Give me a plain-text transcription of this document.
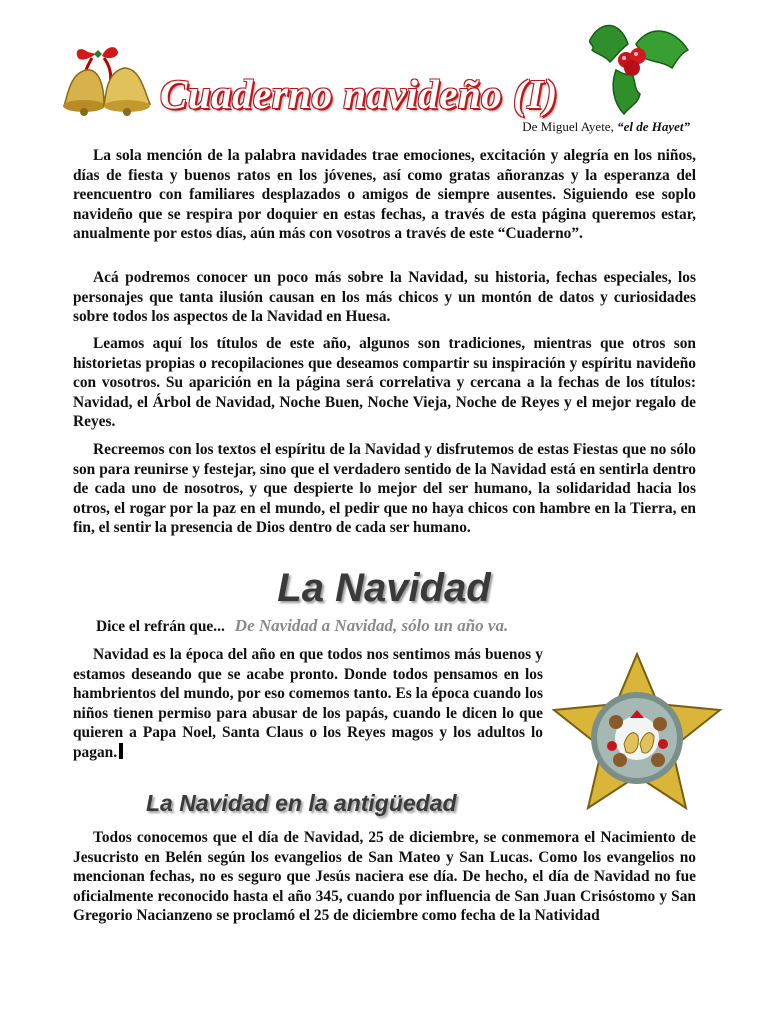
Cuaderno navideño (I)
De Miguel Ayete, “el de Hayet”

La sola mención de la palabra navidades trae emociones, excitación y alegría en los niños, días de fiesta y buenos ratos en los jóvenes, así como gratas añoranzas y la esperanza del reencuentro con familiares desplazados o amigos de siempre ausentes. Siguiendo ese soplo navideño que se respira por doquier en estas fechas, a través de esta página queremos estar, anualmente por estos días, aún más con vosotros a través de este “Cuaderno”.

Acá podremos conocer un poco más sobre la Navidad, su historia, fechas especiales, los personajes que tanta ilusión causan en los más chicos y un montón de datos y curiosidades sobre todos los aspectos de la Navidad en Huesa.

Leamos aquí los títulos de este año, algunos son tradiciones, mientras que otros son historietas propias o recopilaciones que deseamos compartir su inspiración y espíritu navideño con vosotros. Su aparición en la página será correlativa y cercana a la fechas de los títulos: Navidad, el Árbol de Navidad, Noche Buen, Noche Vieja, Noche de Reyes y el mejor regalo de Reyes.

Recreemos con los textos el espíritu de la Navidad y disfrutemos de estas Fiestas que no sólo son para reunirse y festejar, sino que el verdadero sentido de la Navidad está en sentirla dentro de cada uno de nosotros, y que despierte lo mejor del ser humano, la solidaridad hacia los otros, el rogar por la paz en el mundo, el pedir que no haya chicos con hambre en la Tierra, en fin, el sentir la presencia de Dios dentro de cada ser humano.

La Navidad
Dice el refrán que... De Navidad a Navidad, sólo un año va.

Navidad es la época del año en que todos nos sentimos más buenos y estamos deseando que se acabe pronto. Donde todos pensamos en los hambrientos del mundo, por eso comemos tanto. Es la época cuando los niños tienen permiso para abusar de los papás, cuando le dicen lo que quieren a Papa Noel, Santa Claus o los Reyes magos y los adultos lo pagan.

La Navidad en la antigüedad

Todos conocemos que el día de Navidad, 25 de diciembre, se conmemora el Nacimiento de Jesucristo en Belén según los evangelios de San Mateo y San Lucas. Como los evangelios no mencionan fechas, no es seguro que Jesús naciera ese día. De hecho, el día de Navidad no fue oficialmente reconocido hasta el año 345, cuando por influencia de San Juan Crisóstomo y San Gregorio Nacianzeno se proclamó el 25 de diciembre como fecha de la Natividad
